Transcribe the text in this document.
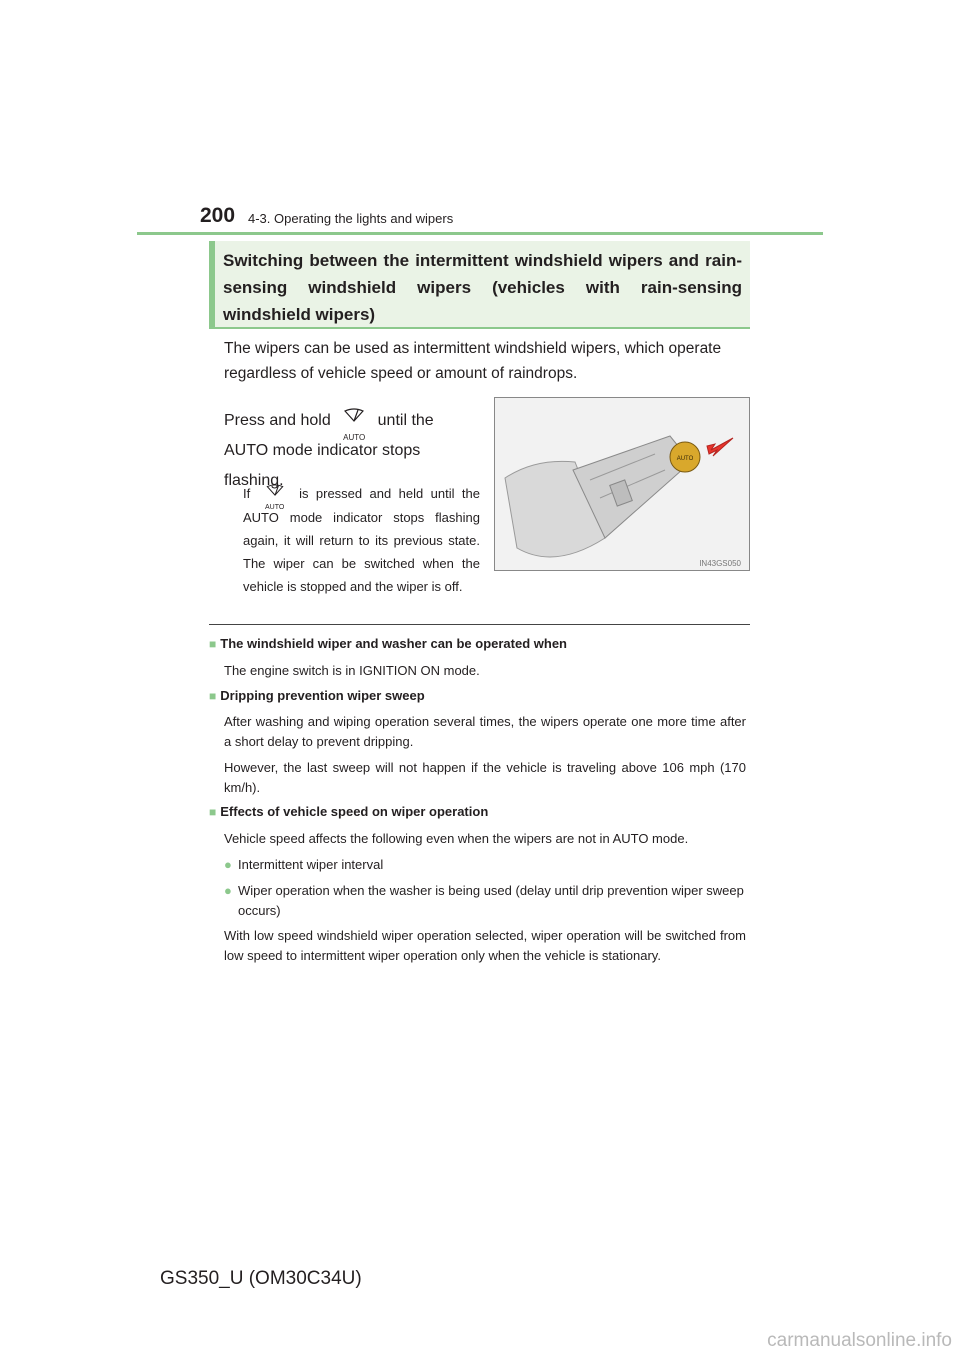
200 4-3. Operating the lights and wipers
Switching between the intermittent windshield wipers and rain-sensing windshield wipers (vehicles with rain-sensing windshield wipers)
The wipers can be used as intermittent windshield wipers, which operate regardless of vehicle speed or amount of raindrops.
Press and hold
AUTO
until the AUTO mode indicator stops flashing.
If
AUTO
is pressed and held until the AUTO mode indicator stops flashing again, it will return to its previous state. The wiper can be switched when the vehicle is stopped and the wiper is off.
AUTO
IN43GS050
■ The windshield wiper and washer can be operated when
The engine switch is in IGNITION ON mode.
■ Dripping prevention wiper sweep
After washing and wiping operation several times, the wipers operate one more time after a short delay to prevent dripping.
However, the last sweep will not happen if the vehicle is traveling above 106 mph (170 km/h).
■ Effects of vehicle speed on wiper operation
Vehicle speed affects the following even when the wipers are not in AUTO mode.
● Intermittent wiper interval
● Wiper operation when the washer is being used (delay until drip prevention wiper sweep occurs)
With low speed windshield wiper operation selected, wiper operation will be switched from low speed to intermittent wiper operation only when the vehicle is stationary.
GS350_U (OM30C34U)
carmanualsonline.info
